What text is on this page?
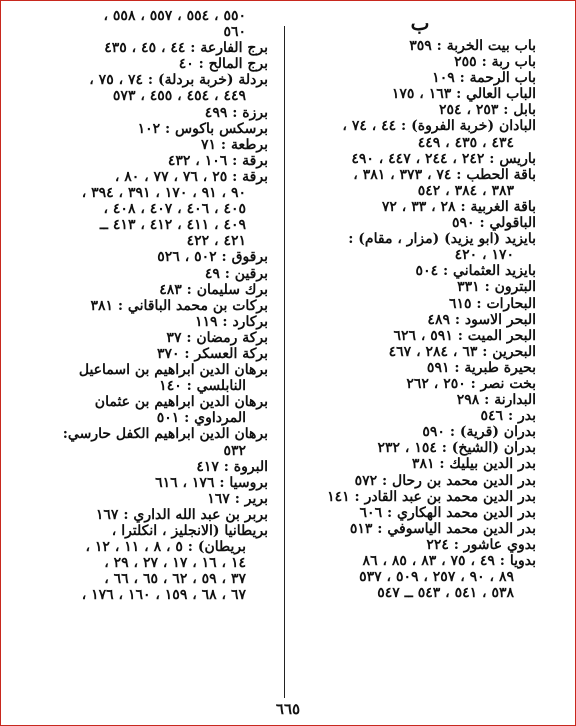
ب
باب بيت الخربة : ٣٥٩
باب ربة : ٢٥٥
باب الرحمة : ١٠٩
الباب العالي : ١٦٣ ، ١٧٥
بابل : ٢٥٣ ، ٢٥٤
البادان (خربة الفروة) : ٤٤ ، ٧٤ ،
٤٣٤ ، ٤٣٥ ، ٤٤٩
باريس : ٢٤٢ ، ٢٤٤ ، ٤٤٧ ، ٤٩٠
باقة الحطب : ٧٤ ، ٣٧٣ ، ٣٨١ ،
٣٨٣ ، ٣٨٤ ، ٥٤٢
باقة الغربية : ٢٨ ، ٣٣ ، ٧٢
الباقولي : ٥٩٠
بايزيد (ابو يزيد) (مزار ، مقام) :
١٧٠ ، ٤٢٠
بايزيد العثماني : ٥٠٤
البترون : ٣٣١
البحارات : ٦١٥
البحر الاسود : ٤٨٩
البحر الميت : ٥٩١ ، ٦٢٦
البحرين : ٦٣ ، ٢٨٤ ، ٤٦٧
بحيرة طبرية : ٥٩١
بخت نصر : ٢٥٠ ، ٢٦٢
البدارنة : ٢٩٨
بدر : ٥٤٦
بدران (قرية) : ٥٩٠
بدران (الشيخ) : ١٥٤ ، ٢٣٢
بدر الدين بيليك : ٣٨١
بدر الدين محمد بن رحال : ٥٧٢
بدر الدين محمد بن عبد القادر : ١٤١
بدر الدين محمد الهكاري : ٦٠٦
بدر الدين محمد الياسوفي : ٥١٣
بدوي عاشور : ٢٢٤
بدويا : ٤٩ ، ٧٥ ، ٨٣ ، ٨٥ ، ٨٦
٨٩ ، ٩٠ ، ٢٥٧ ، ٥٠٩ ، ٥٣٧
٥٣٨ ، ٥٤١ ، ٥٤٣ ــ ٥٤٧
٥٥٠ ، ٥٥٤ ، ٥٥٧ ، ٥٥٨ ،
٥٦٠
برج الفارعة : ٤٤ ، ٤٥ ، ٤٣٥
برج المالح : ٤٠
بردلة (خربة بردلة) : ٧٤ ، ٧٥ ،
٤٤٩ ، ٤٥٤ ، ٤٥٥ ، ٥٧٣
برزة : ٤٩٩
برسكس باكوس : ١٠٢
برطعة : ٧١
برقة : ١٠٦ ، ٤٣٢
برقة : ٢٥ ، ٧٦ ، ٧٧ ، ٨٠ ،
٩٠ ، ٩١ ، ١٧٠ ، ٣٩١ ، ٣٩٤ ،
٤٠٥ ، ٤٠٦ ، ٤٠٧ ، ٤٠٨ ،
٤٠٩ ، ٤١١ ، ٤١٢ ، ٤١٣ ــ
٤٢١ ، ٤٢٢
برقوق : ٥٠٢ ، ٥٢٦
برقين : ٤٩
برك سليمان : ٤٨٣
بركات بن محمد الباقاني : ٣٨١
بركارد : ١١٩
بركة رمضان : ٣٧
بركة العسكر : ٣٧٠
برهان الدين ابراهيم بن اسماعيل
النابلسي : ١٤٠
برهان الدين ابراهيم بن عثمان
المرداوي : ٥٠١
برهان الدين ابراهيم الكفل حارسي:
٥٣٢
البروة : ٤١٧
بروسيا : ١٧٦ ، ٦١٦
برير : ١٦٧
بربر بن عبد الله الداري : ١٦٧
بريطانيا (الانجليز ، انكلترا ،
بريطان) : ٥ ، ٨ ، ١١ ، ١٢ ،
١٤ ، ١٦ ، ١٧ ، ٢٧ ، ٢٩ ،
٣٧ ، ٥٩ ، ٦٢ ، ٦٥ ، ٦٦ ،
٦٧ ، ٦٨ ، ١٥٩ ، ١٦٠ ، ١٧٦ ،
٦٦٥
